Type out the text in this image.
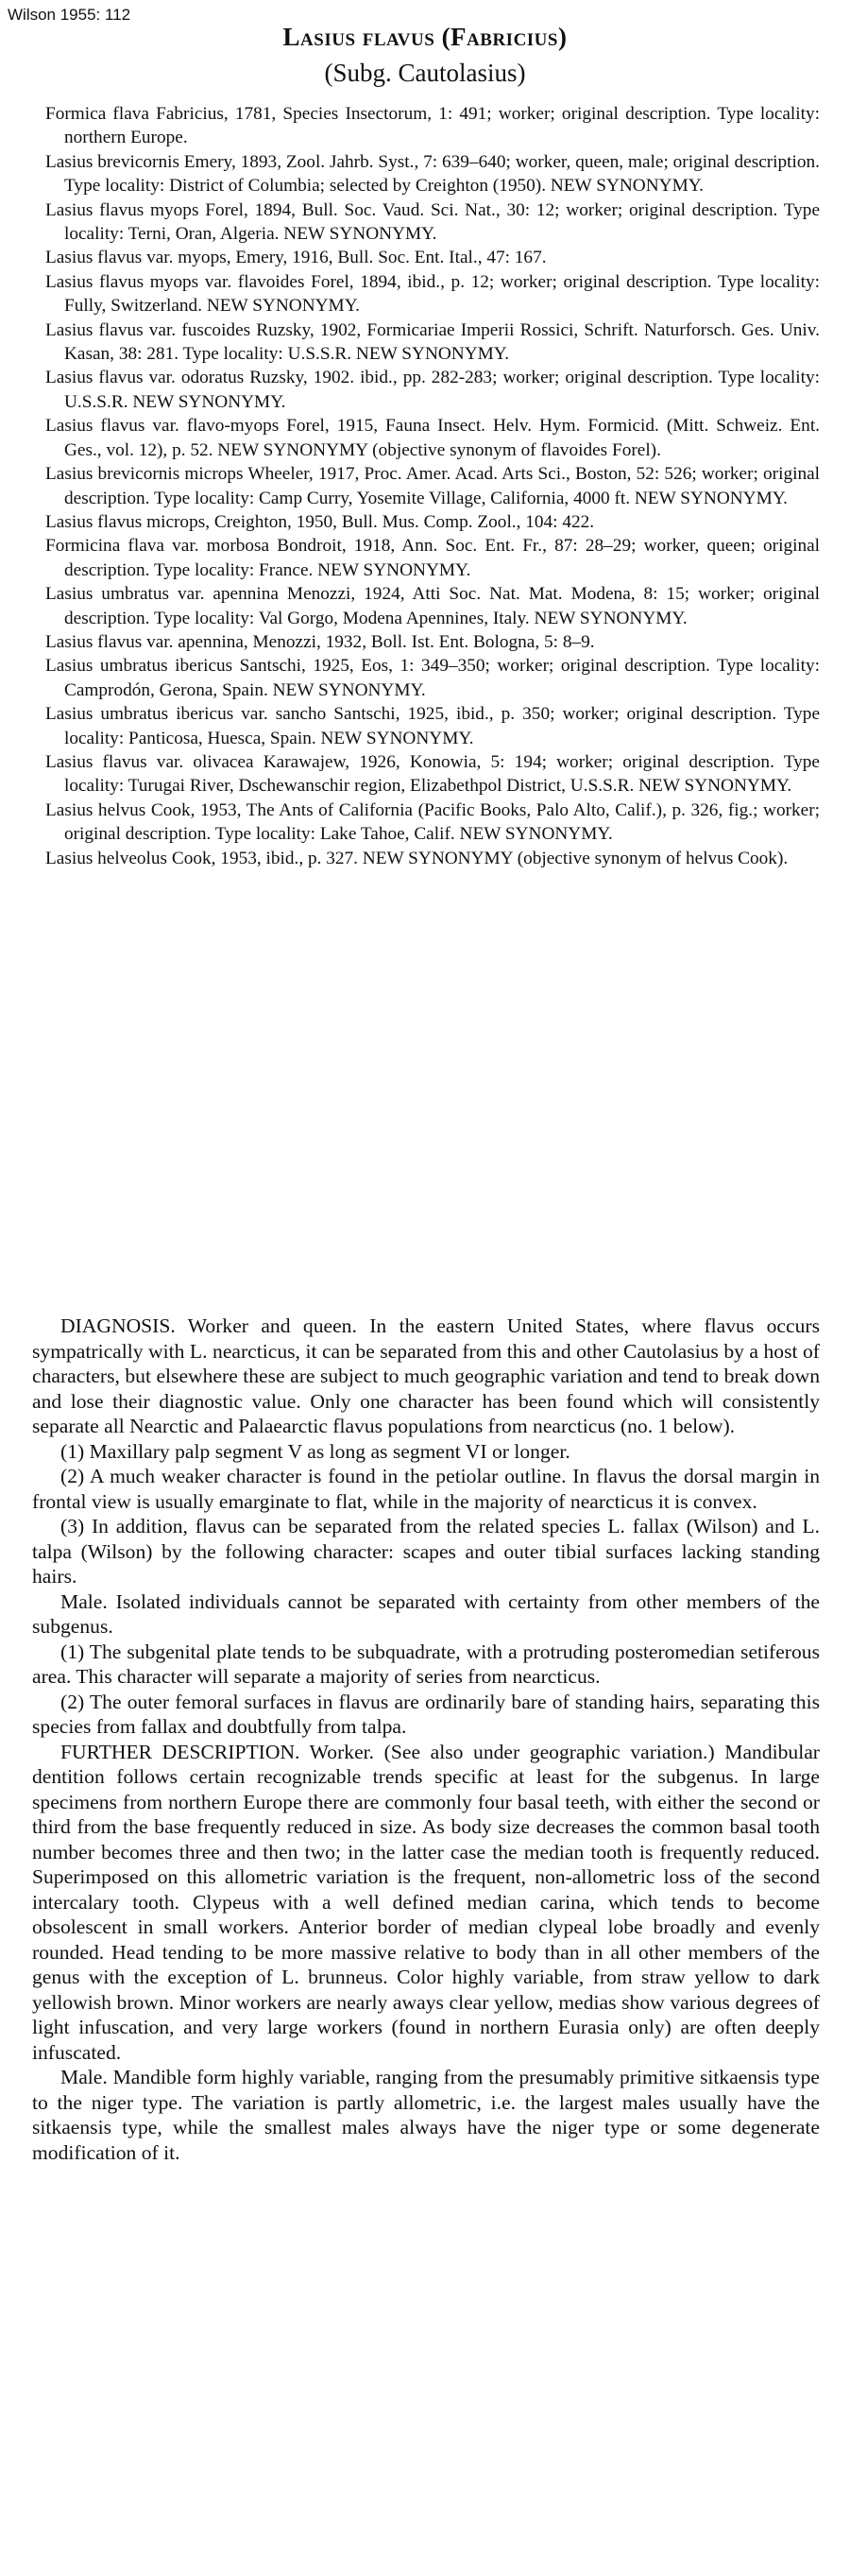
Wilson 1955: 112
Lasius flavus (Fabricius)
(Subg. Cautolasius)

Formica flava Fabricius, 1781, Species Insectorum, 1: 491; worker; original description. Type locality: northern Europe.

Lasius brevicornis Emery, 1893, Zool. Jahrb. Syst., 7: 639–640; worker, queen, male; original description. Type locality: District of Columbia; selected by Creighton (1950). NEW SYNONYMY.

Lasius flavus myops Forel, 1894, Bull. Soc. Vaud. Sci. Nat., 30: 12; worker; original description. Type locality: Terni, Oran, Algeria. NEW SYNONYMY.

Lasius flavus var. myops, Emery, 1916, Bull. Soc. Ent. Ital., 47: 167.

Lasius flavus myops var. flavoides Forel, 1894, ibid., p. 12; worker; original description. Type locality: Fully, Switzerland. NEW SYNONYMY.

Lasius flavus var. fuscoides Ruzsky, 1902, Formicariae Imperii Rossici, Schrift. Naturforsch. Ges. Univ. Kasan, 38: 281. Type locality: U.S.S.R. NEW SYNONYMY.

Lasius flavus var. odoratus Ruzsky, 1902. ibid., pp. 282-283; worker; original description. Type locality: U.S.S.R. NEW SYNONYMY.

Lasius flavus var. flavo-myops Forel, 1915, Fauna Insect. Helv. Hym. Formicid. (Mitt. Schweiz. Ent. Ges., vol. 12), p. 52. NEW SYNONYMY (objective synonym of flavoides Forel).

Lasius brevicornis microps Wheeler, 1917, Proc. Amer. Acad. Arts Sci., Boston, 52: 526; worker; original description. Type locality: Camp Curry, Yosemite Village, California, 4000 ft. NEW SYNONYMY.

Lasius flavus microps, Creighton, 1950, Bull. Mus. Comp. Zool., 104: 422.

Formicina flava var. morbosa Bondroit, 1918, Ann. Soc. Ent. Fr., 87: 28–29; worker, queen; original description. Type locality: France. NEW SYNONYMY.

Lasius umbratus var. apennina Menozzi, 1924, Atti Soc. Nat. Mat. Modena, 8: 15; worker; original description. Type locality: Val Gorgo, Modena Apennines, Italy. NEW SYNONYMY.

Lasius flavus var. apennina, Menozzi, 1932, Boll. Ist. Ent. Bologna, 5: 8–9.

Lasius umbratus ibericus Santschi, 1925, Eos, 1: 349–350; worker; original description. Type locality: Camprodón, Gerona, Spain. NEW SYNONYMY.

Lasius umbratus ibericus var. sancho Santschi, 1925, ibid., p. 350; worker; original description. Type locality: Panticosa, Huesca, Spain. NEW SYNONYMY.

Lasius flavus var. olivacea Karawajew, 1926, Konowia, 5: 194; worker; original description. Type locality: Turugai River, Dschewanschir region, Elizabethpol District, U.S.S.R. NEW SYNONYMY.

Lasius helvus Cook, 1953, The Ants of California (Pacific Books, Palo Alto, Calif.), p. 326, fig.; worker; original description. Type locality: Lake Tahoe, Calif. NEW SYNONYMY.

Lasius helveolus Cook, 1953, ibid., p. 327. NEW SYNONYMY (objective synonym of helvus Cook).

DIAGNOSIS. Worker and queen. In the eastern United States, where flavus occurs sympatrically with L. nearcticus, it can be separated from this and other Cautolasius by a host of characters, but elsewhere these are subject to much geographic variation and tend to break down and lose their diagnostic value. Only one character has been found which will consistently separate all Nearctic and Palaearctic flavus populations from nearcticus (no. 1 below).

(1) Maxillary palp segment V as long as segment VI or longer.

(2) A much weaker character is found in the petiolar outline. In flavus the dorsal margin in frontal view is usually emarginate to flat, while in the majority of nearcticus it is convex.

(3) In addition, flavus can be separated from the related species L. fallax (Wilson) and L. talpa (Wilson) by the following character: scapes and outer tibial surfaces lacking standing hairs.

Male. Isolated individuals cannot be separated with certainty from other members of the subgenus.

(1) The subgenital plate tends to be subquadrate, with a protruding posteromedian setiferous area. This character will separate a majority of series from nearcticus.

(2) The outer femoral surfaces in flavus are ordinarily bare of standing hairs, separating this species from fallax and doubtfully from talpa.

FURTHER DESCRIPTION. Worker. (See also under geographic variation.) Mandibular dentition follows certain recognizable trends specific at least for the subgenus. In large specimens from northern Europe there are commonly four basal teeth, with either the second or third from the base frequently reduced in size. As body size decreases the common basal tooth number becomes three and then two; in the latter case the median tooth is frequently reduced. Superimposed on this allometric variation is the frequent, non-allometric loss of the second intercalary tooth. Clypeus with a well defined median carina, which tends to become obsolescent in small workers. Anterior border of median clypeal lobe broadly and evenly rounded. Head tending to be more massive relative to body than in all other members of the genus with the exception of L. brunneus. Color highly variable, from straw yellow to dark yellowish brown. Minor workers are nearly aways clear yellow, medias show various degrees of light infuscation, and very large workers (found in northern Eurasia only) are often deeply infuscated.

Male. Mandible form highly variable, ranging from the presumably primitive sitkaensis type to the niger type. The variation is partly allometric, i.e. the largest males usually have the sitkaensis type, while the smallest males always have the niger type or some degenerate modification of it.
